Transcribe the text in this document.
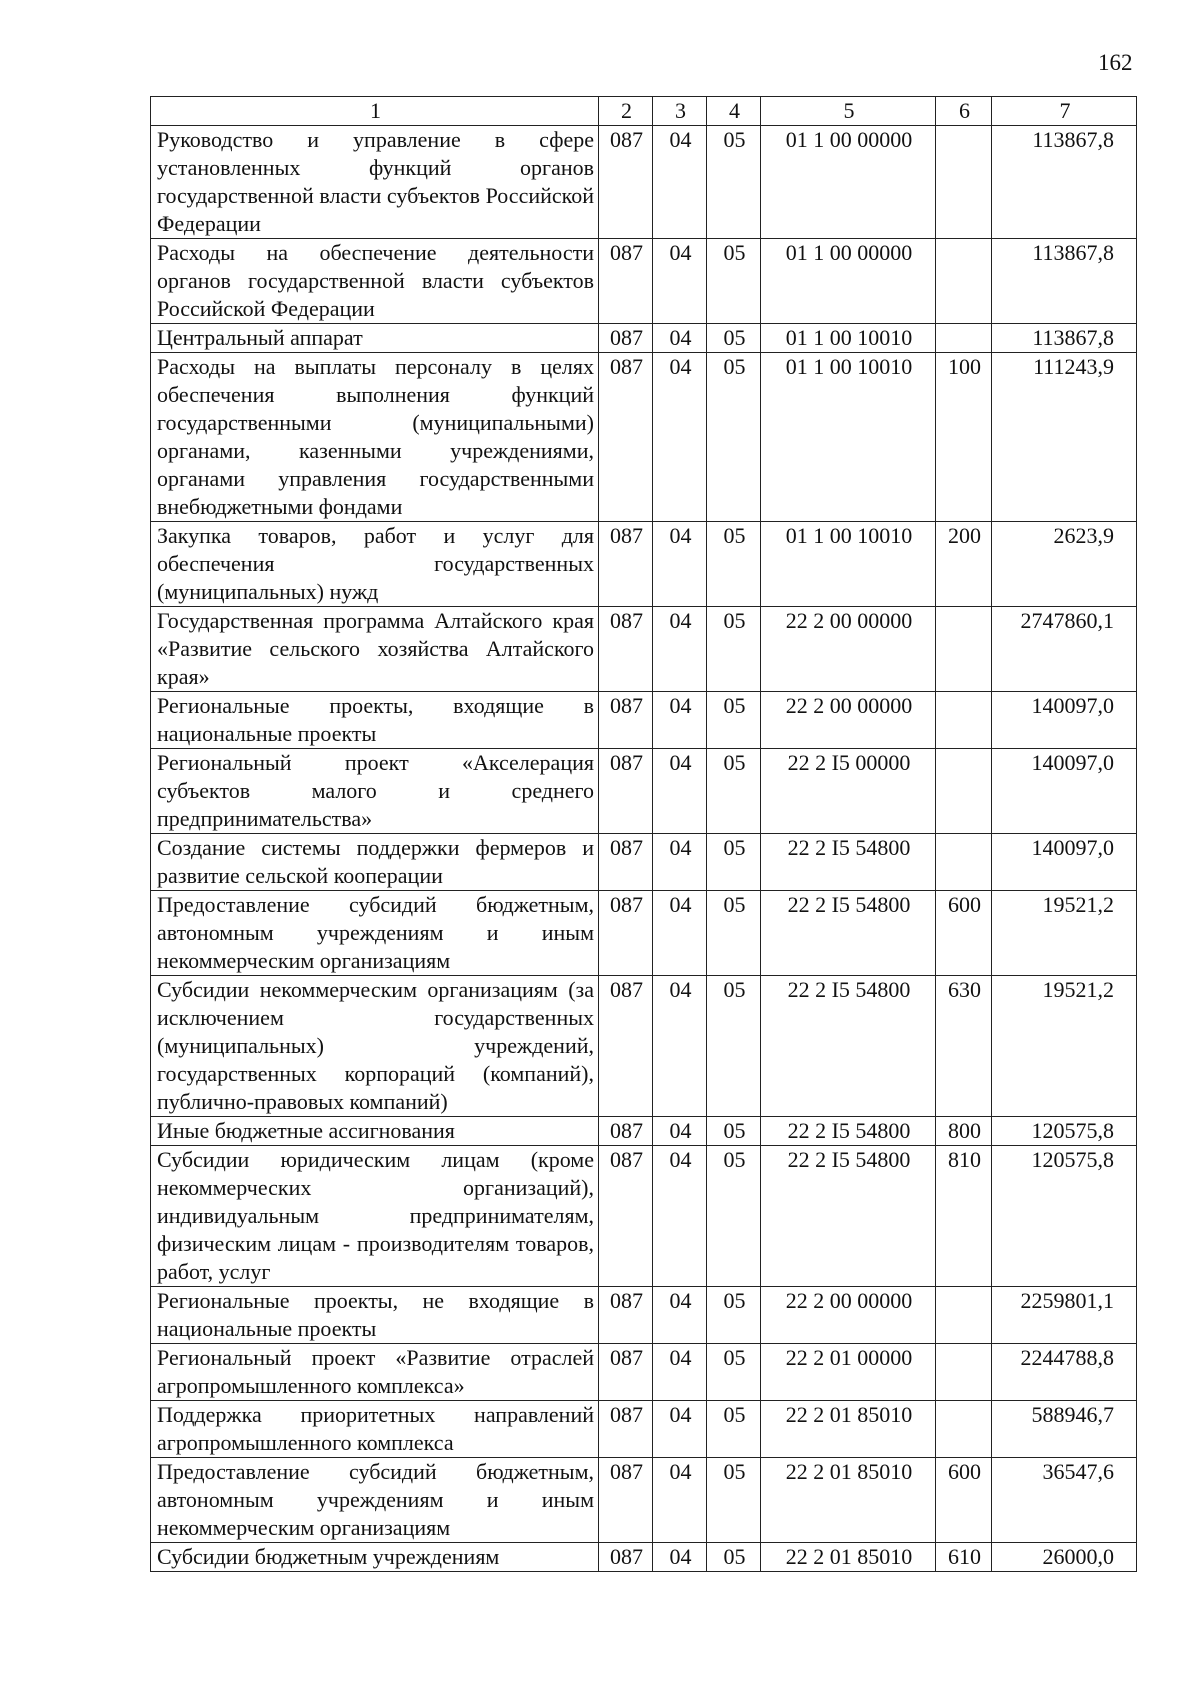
162
1	2	3	4	5	6	7
Руководство и управление в сфере установленных функций органов государственной власти субъектов Российской Федерации	087	04	05	01 1 00 00000		113867,8
Расходы на обеспечение деятельности органов государственной власти субъектов Российской Федерации	087	04	05	01 1 00 00000		113867,8
Центральный аппарат	087	04	05	01 1 00 10010		113867,8
Расходы на выплаты персоналу в целях обеспечения выполнения функций государственными (муниципальными) органами, казенными учреждениями, органами управления государственными внебюджетными фондами	087	04	05	01 1 00 10010	100	111243,9
Закупка товаров, работ и услуг для обеспечения государственных (муниципальных) нужд	087	04	05	01 1 00 10010	200	2623,9
Государственная программа Алтайского края «Развитие сельского хозяйства Алтайского края»	087	04	05	22 2 00 00000		2747860,1
Региональные проекты, входящие в национальные проекты	087	04	05	22 2 00 00000		140097,0
Региональный проект «Акселерация субъектов малого и среднего предпринимательства»	087	04	05	22 2 I5 00000		140097,0
Создание системы поддержки фермеров и развитие сельской кооперации	087	04	05	22 2 I5 54800		140097,0
Предоставление субсидий бюджетным, автономным учреждениям и иным некоммерческим организациям	087	04	05	22 2 I5 54800	600	19521,2
Субсидии некоммерческим организациям (за исключением государственных (муниципальных) учреждений, государственных корпораций (компаний), публично-правовых компаний)	087	04	05	22 2 I5 54800	630	19521,2
Иные бюджетные ассигнования	087	04	05	22 2 I5 54800	800	120575,8
Субсидии юридическим лицам (кроме некоммерческих организаций), индивидуальным предпринимателям, физическим лицам - производителям товаров, работ, услуг	087	04	05	22 2 I5 54800	810	120575,8
Региональные проекты, не входящие в национальные проекты	087	04	05	22 2 00 00000		2259801,1
Региональный проект «Развитие отраслей агропромышленного комплекса»	087	04	05	22 2 01 00000		2244788,8
Поддержка приоритетных направлений агропромышленного комплекса	087	04	05	22 2 01 85010		588946,7
Предоставление субсидий бюджетным, автономным учреждениям и иным некоммерческим организациям	087	04	05	22 2 01 85010	600	36547,6
Субсидии бюджетным учреждениям	087	04	05	22 2 01 85010	610	26000,0
